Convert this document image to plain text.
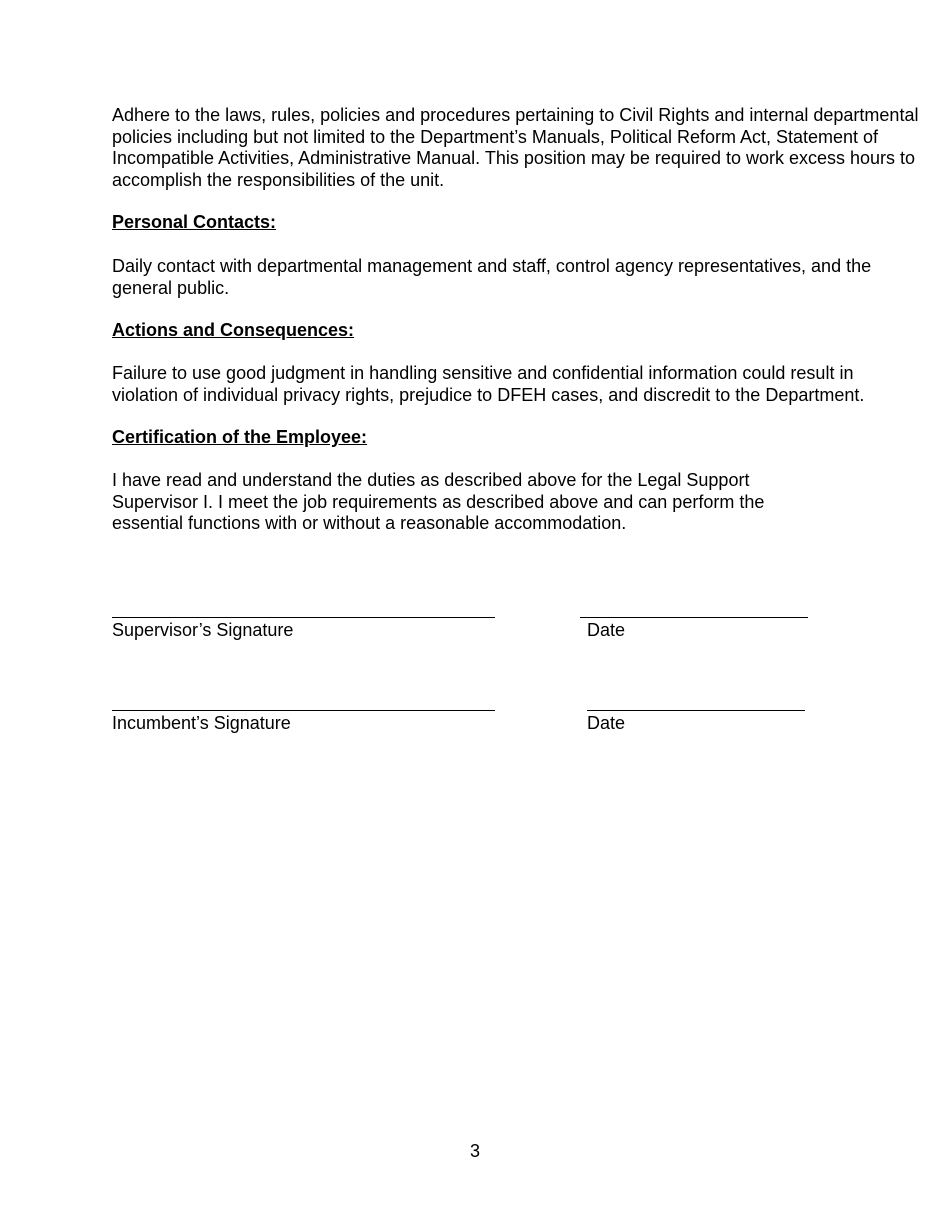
Adhere to the laws, rules, policies and procedures pertaining to Civil Rights and internal departmental policies including but not limited to the Department’s Manuals, Political Reform Act, Statement of Incompatible Activities, Administrative Manual. This position may be required to work excess hours to accomplish the responsibilities of the unit.

Personal Contacts:

Daily contact with departmental management and staff, control agency representatives, and the general public.

Actions and Consequences:

Failure to use good judgment in handling sensitive and confidential information could result in violation of individual privacy rights, prejudice to DFEH cases, and discredit to the Department.

Certification of the Employee:

I have read and understand the duties as described above for the Legal Support Supervisor I. I meet the job requirements as described above and can perform the essential functions with or without a reasonable accommodation.

Supervisor’s Signature	Date

Incumbent’s Signature	Date

3
